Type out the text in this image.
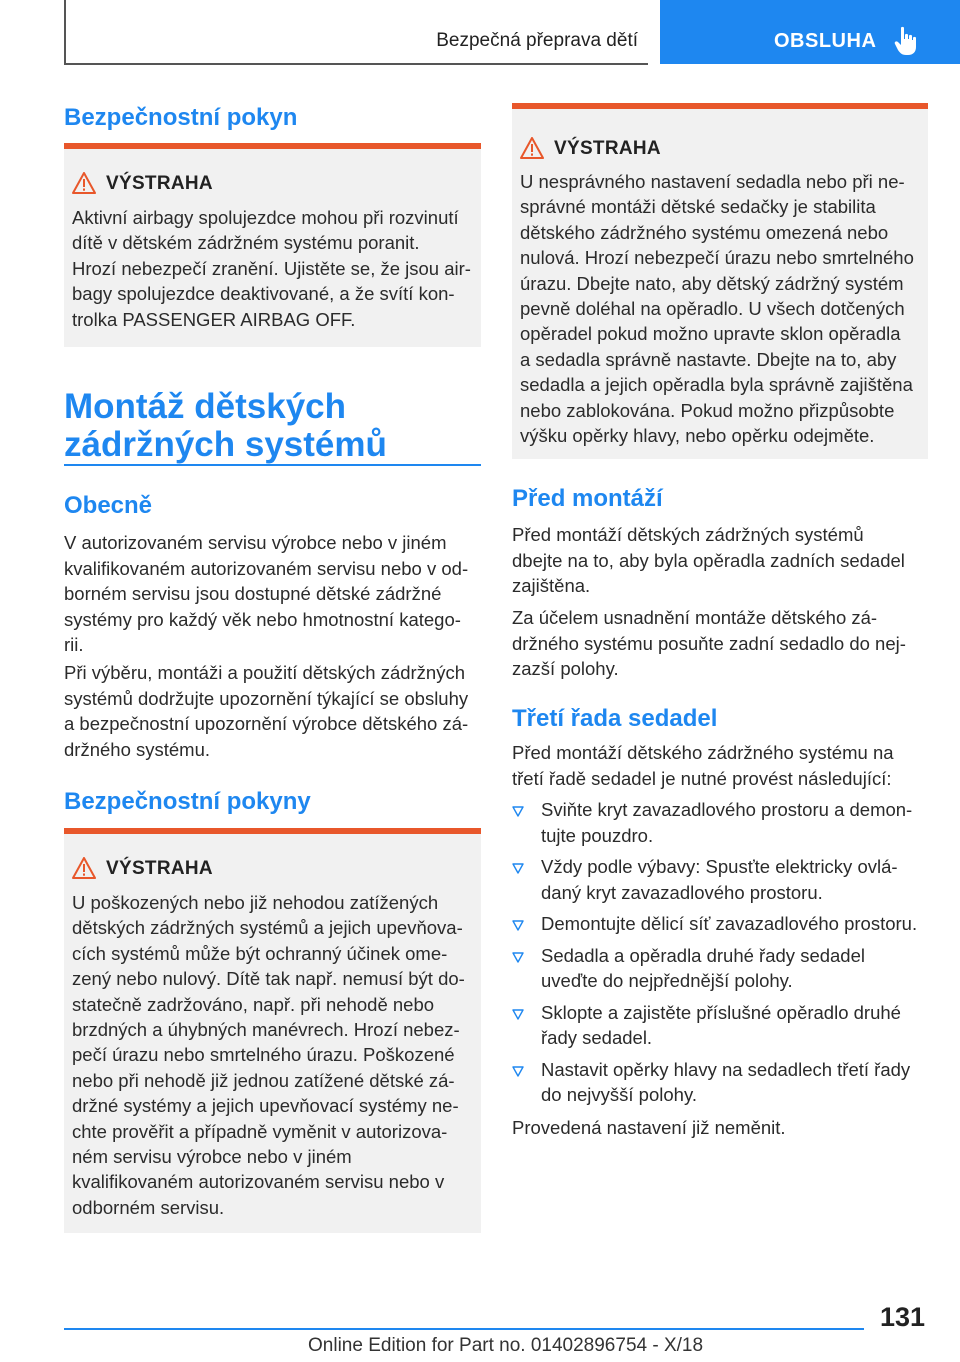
Bezpečná přeprava dětí	OBSLUHA
Bezpečnostní pokyn
VÝSTRAHA
Aktivní airbagy spolujezdce mohou při rozvinutí
dítě v dětském zádržném systému poranit.
Hrozí nebezpečí zranění. Ujistěte se, že jsou air‐
bagy spolujezdce deaktivované, a že svítí kon‐
trolka PASSENGER AIRBAG OFF.
Montáž dětských
zádržných systémů
Obecně
V autorizovaném servisu výrobce nebo v jiném
kvalifikovaném autorizovaném servisu nebo v od‐
borném servisu jsou dostupné dětské zádržné
systémy pro každý věk nebo hmotnostní katego‐
rii.
Při výběru, montáži a použití dětských zádržných
systémů dodržujte upozornění týkající se obsluhy
a bezpečnostní upozornění výrobce dětského zá‐
držného systému.
Bezpečnostní pokyny
VÝSTRAHA
U poškozených nebo již nehodou zatížených
dětských zádržných systémů a jejich upevňova‐
cích systémů může být ochranný účinek ome‐
zený nebo nulový. Dítě tak např. nemusí být do‐
statečně zadržováno, např. při nehodě nebo
brzdných a úhybných manévrech. Hrozí nebez‐
pečí úrazu nebo smrtelného úrazu. Poškozené
nebo při nehodě již jednou zatížené dětské zá‐
držné systémy a jejich upevňovací systémy ne‐
chte prověřit a případně vyměnit v autorizova‐
ném servisu výrobce nebo v jiném
kvalifikovaném autorizovaném servisu nebo v
odborném servisu.
VÝSTRAHA
U nesprávného nastavení sedadla nebo při ne‐
správné montáži dětské sedačky je stabilita
dětského zádržného systému omezená nebo
nulová. Hrozí nebezpečí úrazu nebo smrtelného
úrazu. Dbejte nato, aby dětský zádržný systém
pevně doléhal na opěradlo. U všech dotčených
opěradel pokud možno upravte sklon opěradla
a sedadla správně nastavte. Dbejte na to, aby
sedadla a jejich opěradla byla správně zajištěna
nebo zablokována. Pokud možno přizpůsobte
výšku opěrky hlavy, nebo opěrku odejměte.
Před montáží
Před montáží dětských zádržných systémů
dbejte na to, aby byla opěradla zadních sedadel
zajištěna.
Za účelem usnadnění montáže dětského zá‐
držného systému posuňte zadní sedadlo do nej‐
zazší polohy.
Třetí řada sedadel
Před montáží dětského zádržného systému na
třetí řadě sedadel je nutné provést následující:
Sviňte kryt zavazadlového prostoru a demon‐
tujte pouzdro.
Vždy podle výbavy: Spusťte elektricky ovlá‐
daný kryt zavazadlového prostoru.
Demontujte dělicí síť zavazadlového prostoru.
Sedadla a opěradla druhé řady sedadel
uveďte do nejpřednější polohy.
Sklopte a zajistěte příslušné opěradlo druhé
řady sedadel.
Nastavit opěrky hlavy na sedadlech třetí řady
do nejvyšší polohy.
Provedená nastavení již neměnit.
131
Online Edition for Part no. 01402896754 - X/18
